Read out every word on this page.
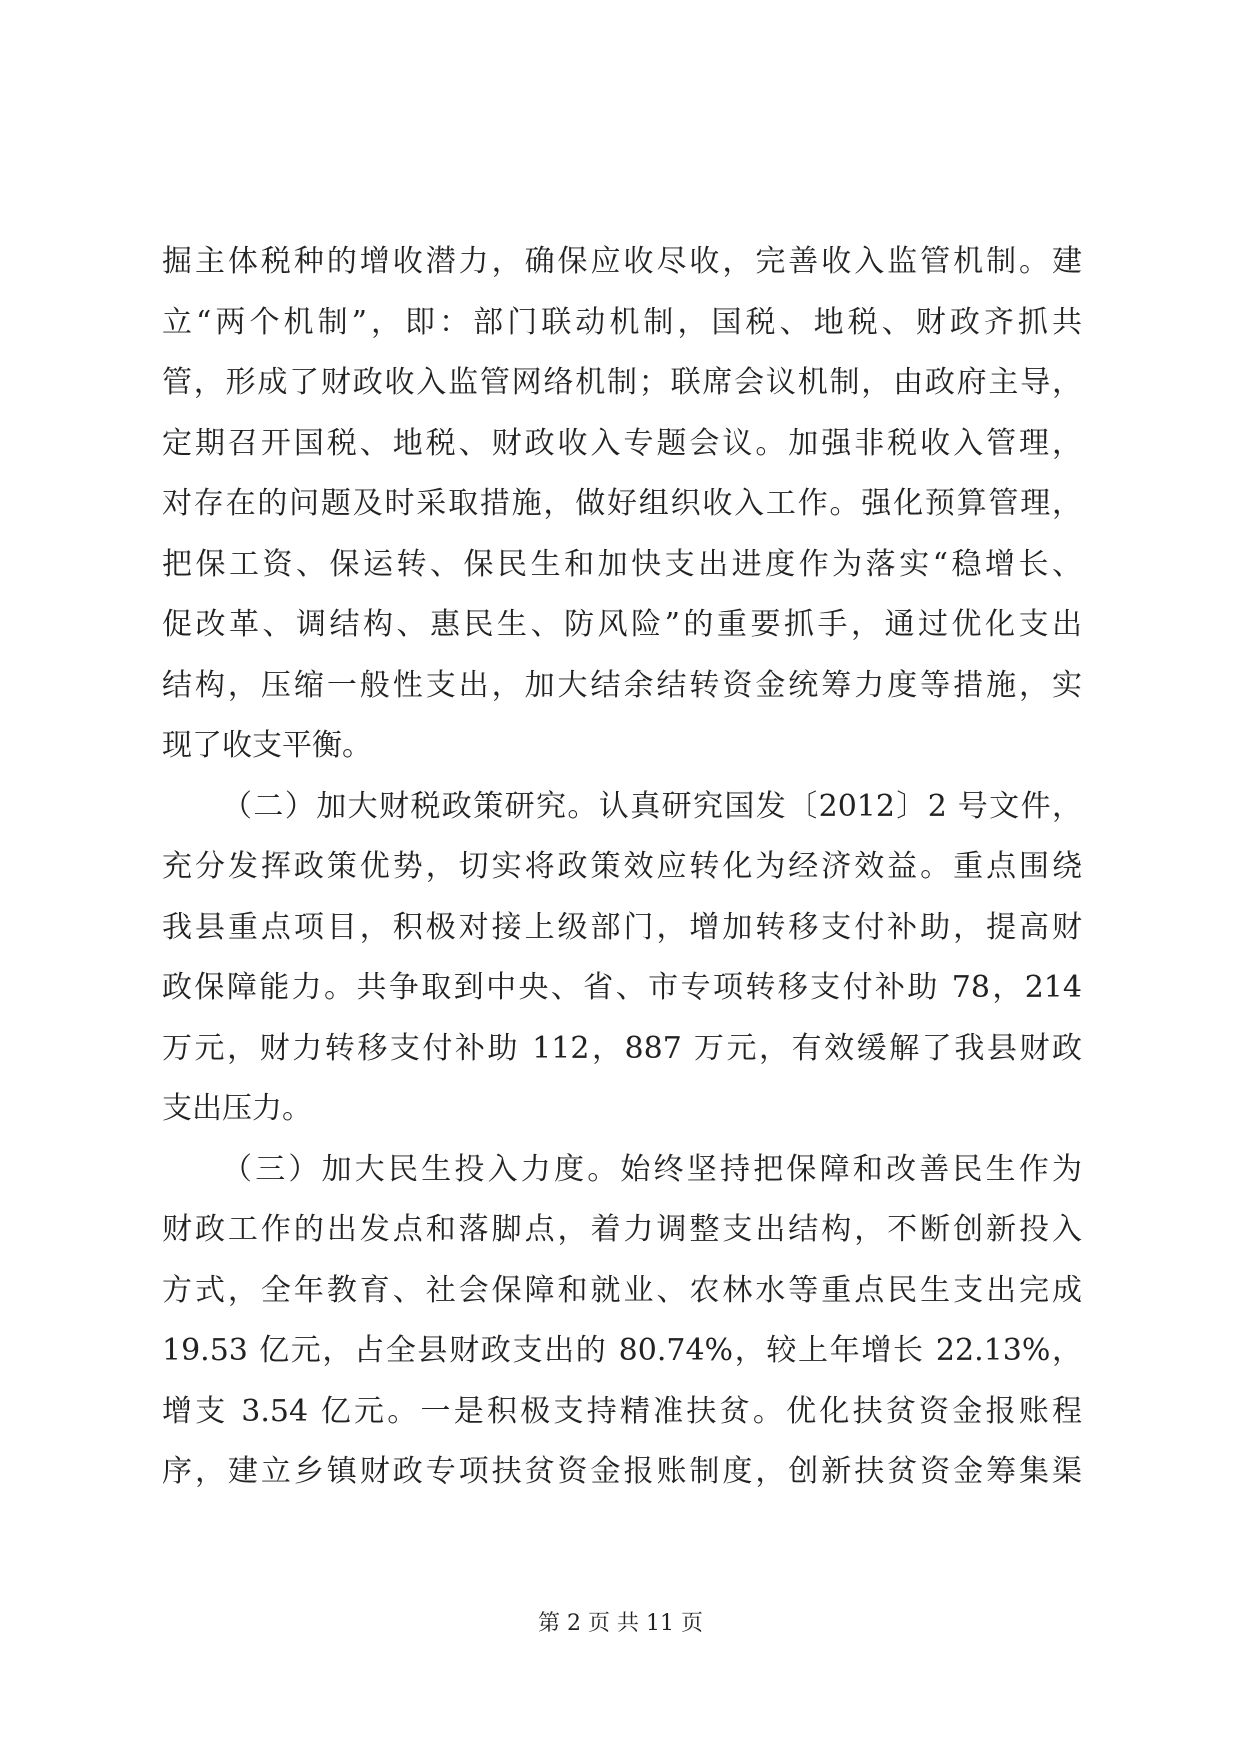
掘主体税种的增收潜力，确保应收尽收，完善收入监管机制。建
立“两个机制”，即：部门联动机制，国税、地税、财政齐抓共
管，形成了财政收入监管网络机制；联席会议机制，由政府主导，
定期召开国税、地税、财政收入专题会议。加强非税收入管理，
对存在的问题及时采取措施，做好组织收入工作。强化预算管理，
把保工资、保运转、保民生和加快支出进度作为落实“稳增长、
促改革、调结构、惠民生、防风险”的重要抓手，通过优化支出
结构，压缩一般性支出，加大结余结转资金统筹力度等措施，实
现了收支平衡。
（二）加大财税政策研究。认真研究国发〔2012〕2 号文件，
充分发挥政策优势，切实将政策效应转化为经济效益。重点围绕
我县重点项目，积极对接上级部门，增加转移支付补助，提高财
政保障能力。共争取到中央、省、市专项转移支付补助 78，214
万元，财力转移支付补助 112，887 万元，有效缓解了我县财政
支出压力。
（三）加大民生投入力度。始终坚持把保障和改善民生作为
财政工作的出发点和落脚点，着力调整支出结构，不断创新投入
方式，全年教育、社会保障和就业、农林水等重点民生支出完成
19.53 亿元，占全县财政支出的 80.74%，较上年增长 22.13%，
增支 3.54 亿元。一是积极支持精准扶贫。优化扶贫资金报账程
序，建立乡镇财政专项扶贫资金报账制度，创新扶贫资金筹集渠
第 2 页 共 11 页
